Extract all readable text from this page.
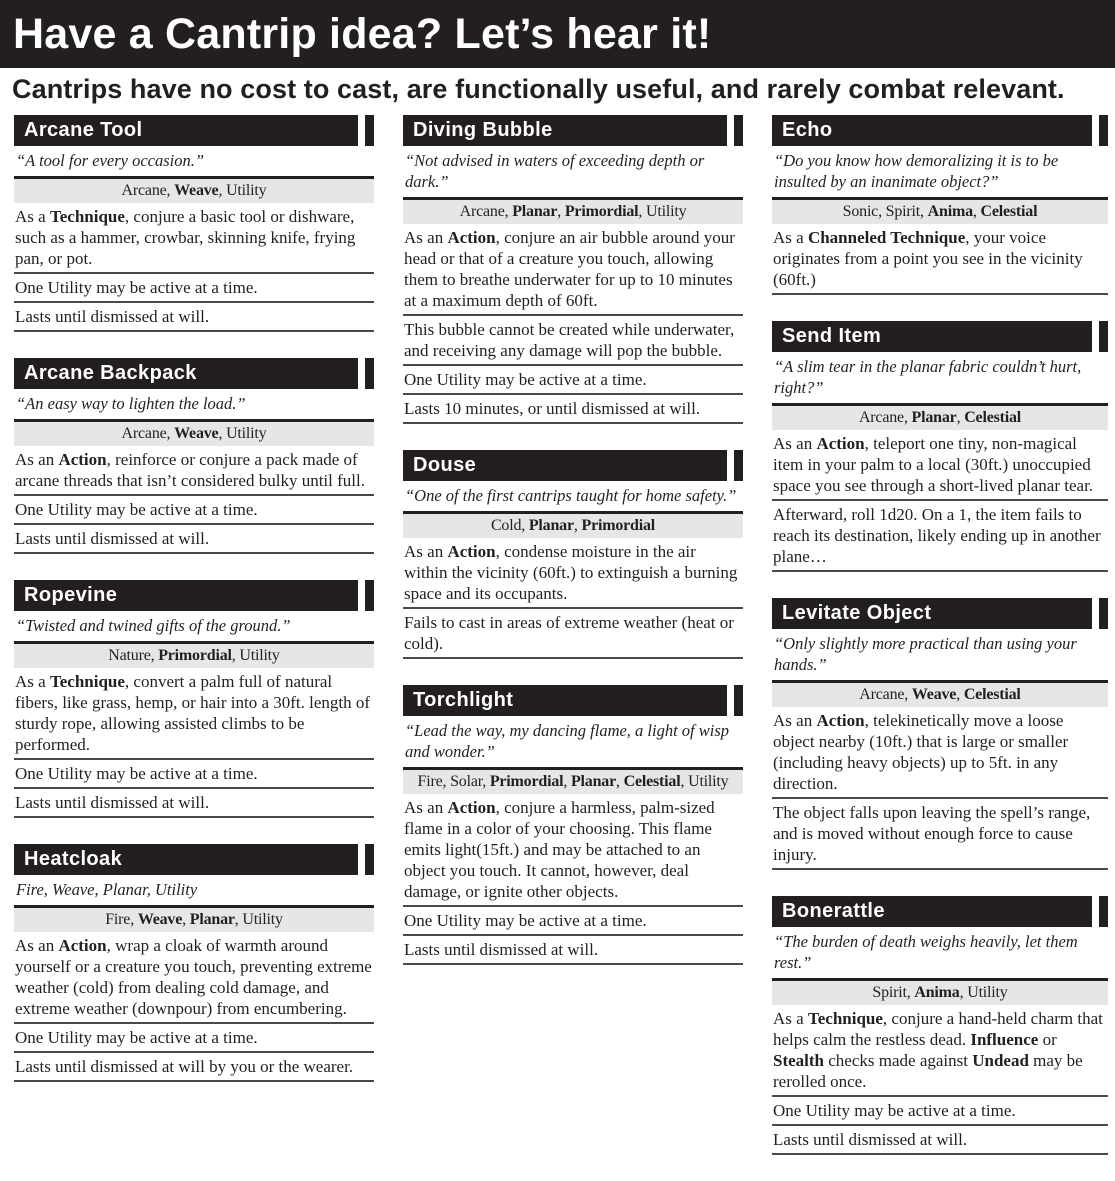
Have a Cantrip idea? Let’s hear it!
Cantrips have no cost to cast, are functionally useful, and rarely combat relevant.
Arcane Tool
“A tool for every occasion.”
Arcane, Weave, Utility
As a Technique, conjure a basic tool or dishware, such as a hammer, crowbar, skinning knife, frying pan, or pot.
One Utility may be active at a time.
Lasts until dismissed at will.
Arcane Backpack
“An easy way to lighten the load.”
Arcane, Weave, Utility
As an Action, reinforce or conjure a pack made of arcane threads that isn’t considered bulky until full.
One Utility may be active at a time.
Lasts until dismissed at will.
Ropevine
“Twisted and twined gifts of the ground.”
Nature, Primordial, Utility
As a Technique, convert a palm full of natural fibers, like grass, hemp, or hair into a 30ft. length of sturdy rope, allowing assisted climbs to be performed.
One Utility may be active at a time.
Lasts until dismissed at will.
Heatcloak
Fire, Weave, Planar, Utility
Fire, Weave, Planar, Utility
As an Action, wrap a cloak of warmth around yourself or a creature you touch, preventing extreme weather (cold) from dealing cold damage, and extreme weather (downpour) from encumbering.
One Utility may be active at a time.
Lasts until dismissed at will by you or the wearer.
Diving Bubble
“Not advised in waters of exceeding depth or dark.”
Arcane, Planar, Primordial, Utility
As an Action, conjure an air bubble around your head or that of a creature you touch, allowing them to breathe underwater for up to 10 minutes at a maximum depth of 60ft.
This bubble cannot be created while underwater, and receiving any damage will pop the bubble.
One Utility may be active at a time.
Lasts 10 minutes, or until dismissed at will.
Douse
“One of the first cantrips taught for home safety.”
Cold, Planar, Primordial
As an Action, condense moisture in the air within the vicinity (60ft.) to extinguish a burning space and its occupants.
Fails to cast in areas of extreme weather (heat or cold).
Torchlight
“Lead the way, my dancing flame, a light of wisp and wonder.”
Fire, Solar, Primordial, Planar, Celestial, Utility
As an Action, conjure a harmless, palm-sized flame in a color of your choosing. This flame emits light(15ft.) and may be attached to an object you touch. It cannot, however, deal damage, or ignite other objects.
One Utility may be active at a time.
Lasts until dismissed at will.
Echo
“Do you know how demoralizing it is to be insulted by an inanimate object?”
Sonic, Spirit, Anima, Celestial
As a Channeled Technique, your voice originates from a point you see in the vicinity (60ft.)
Send Item
“A slim tear in the planar fabric couldn’t hurt, right?”
Arcane, Planar, Celestial
As an Action, teleport one tiny, non-magical item in your palm to a local (30ft.) unoccupied space you see through a short-lived planar tear.
Afterward, roll 1d20. On a 1, the item fails to reach its destination, likely ending up in another plane…
Levitate Object
“Only slightly more practical than using your hands.”
Arcane, Weave, Celestial
As an Action, telekinetically move a loose object nearby (10ft.) that is large or smaller (including heavy objects) up to 5ft. in any direction.
The object falls upon leaving the spell’s range, and is moved without enough force to cause injury.
Bonerattle
“The burden of death weighs heavily, let them rest.”
Spirit, Anima, Utility
As a Technique, conjure a hand-held charm that helps calm the restless dead. Influence or Stealth checks made against Undead may be rerolled once.
One Utility may be active at a time.
Lasts until dismissed at will.
